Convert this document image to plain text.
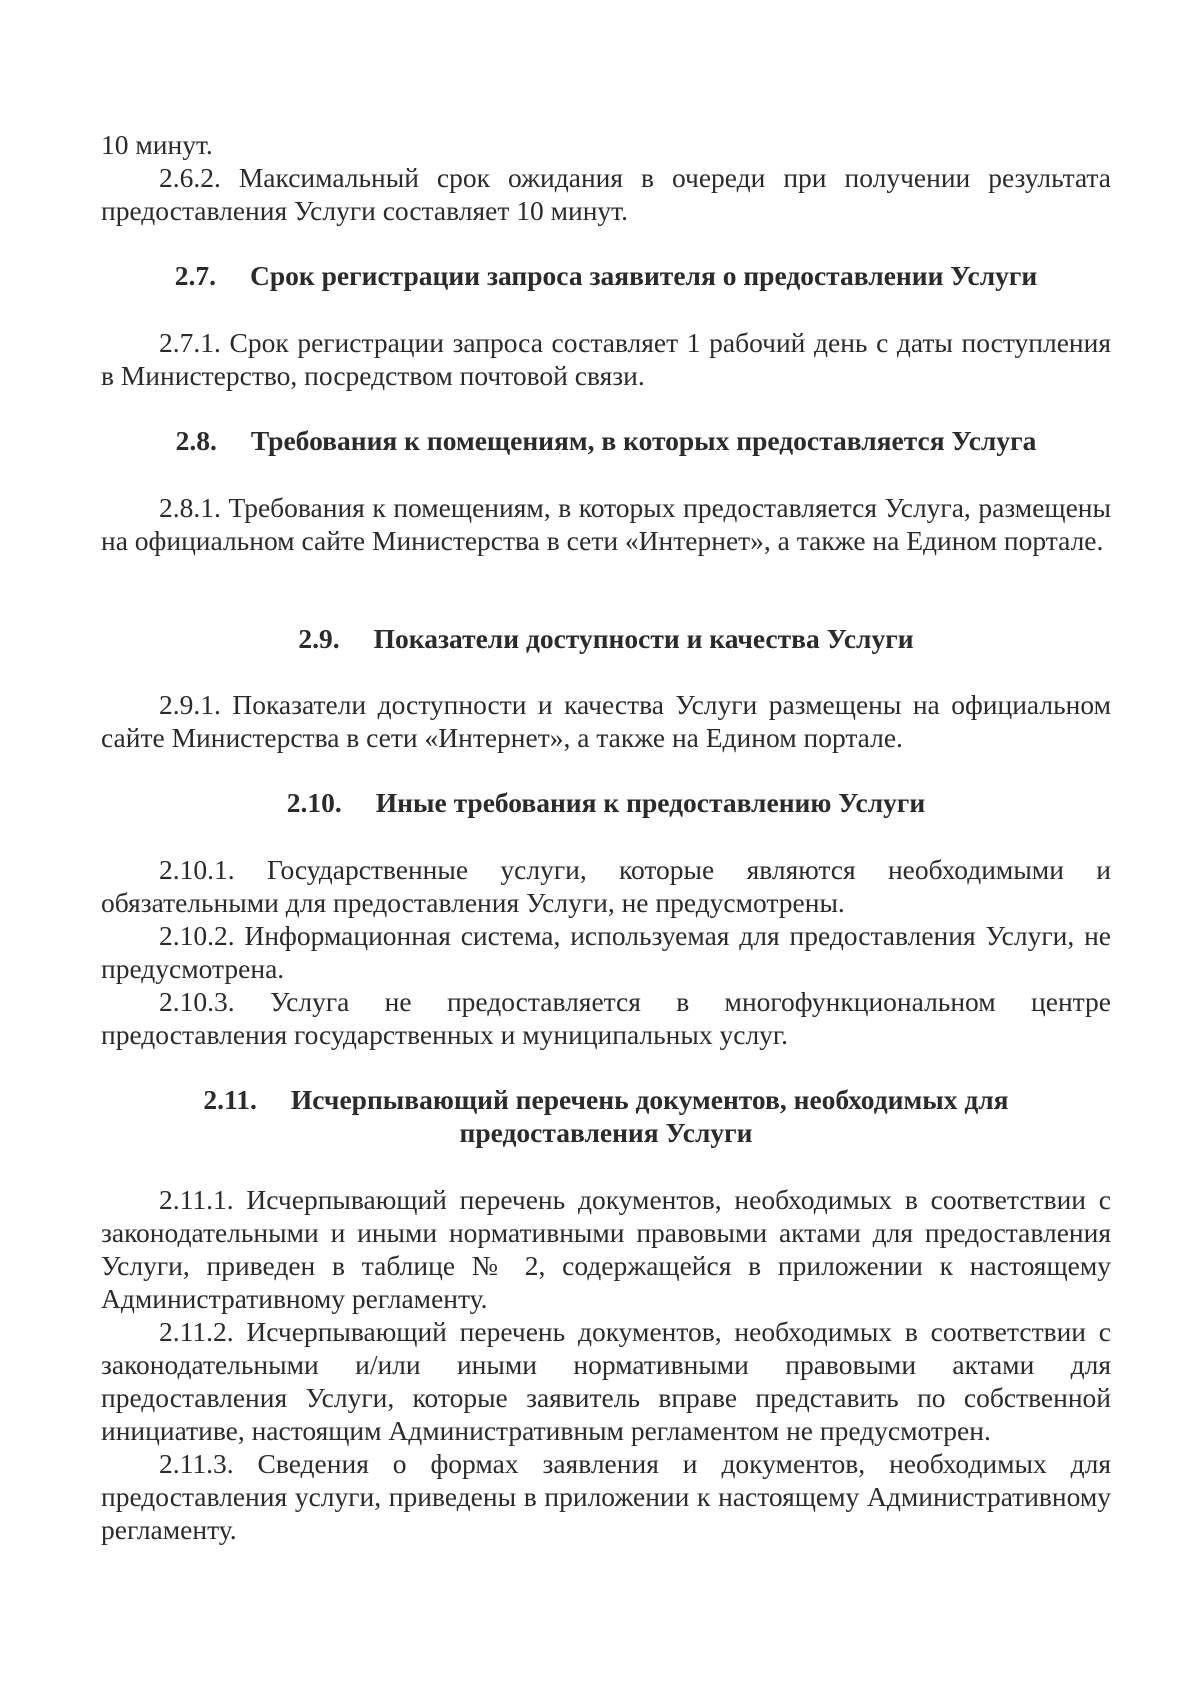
10 минут.

2.6.2. Максимальный срок ожидания в очереди при получении результата предоставления Услуги составляет 10 минут.

2.7. Срок регистрации запроса заявителя о предоставлении Услуги

2.7.1. Срок регистрации запроса составляет 1 рабочий день с даты поступления в Министерство, посредством почтовой связи.

2.8. Требования к помещениям, в которых предоставляется Услуга

2.8.1. Требования к помещениям, в которых предоставляется Услуга, размещены на официальном сайте Министерства в сети «Интернет», а также на Едином портале.

2.9. Показатели доступности и качества Услуги

2.9.1. Показатели доступности и качества Услуги размещены на официальном сайте Министерства в сети «Интернет», а также на Едином портале.

2.10. Иные требования к предоставлению Услуги

2.10.1. Государственные услуги, которые являются необходимыми и обязательными для предоставления Услуги, не предусмотрены.

2.10.2. Информационная система, используемая для предоставления Услуги, не предусмотрена.

2.10.3. Услуга не предоставляется в многофункциональном центре предоставления государственных и муниципальных услуг.

2.11. Исчерпывающий перечень документов, необходимых для
предоставления Услуги

2.11.1. Исчерпывающий перечень документов, необходимых в соответствии с законодательными и иными нормативными правовыми актами для предоставления Услуги, приведен в таблице № 2, содержащейся в приложении к настоящему Административному регламенту.

2.11.2. Исчерпывающий перечень документов, необходимых в соответствии с законодательными и/или иными нормативными правовыми актами для предоставления Услуги, которые заявитель вправе представить по собственной инициативе, настоящим Административным регламентом не предусмотрен.

2.11.3. Сведения о формах заявления и документов, необходимых для предоставления услуги, приведены в приложении к настоящему Административному регламенту.
